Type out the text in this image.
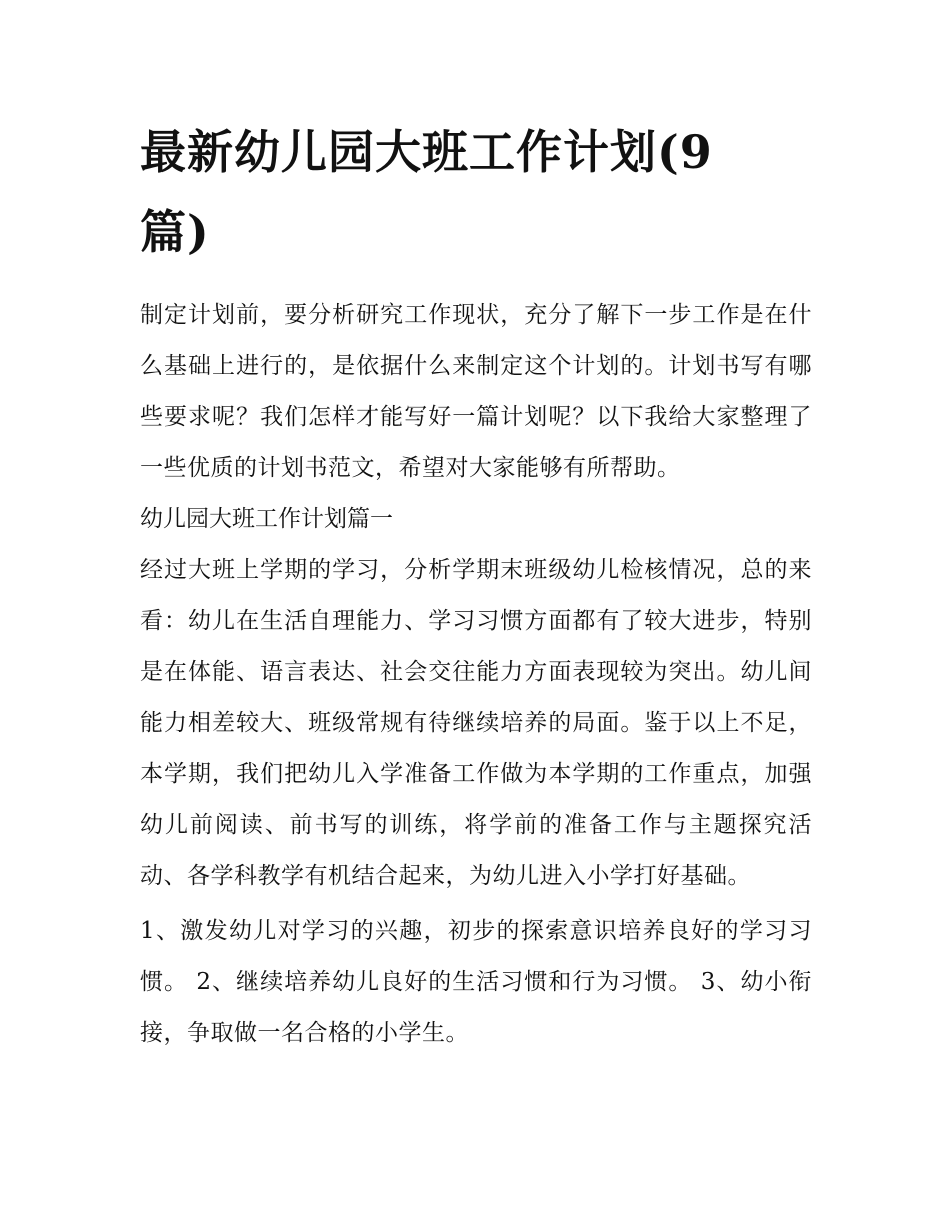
最新幼儿园大班工作计划(9篇)

制定计划前，要分析研究工作现状，充分了解下一步工作是在什么基础上进行的，是依据什么来制定这个计划的。计划书写有哪些要求呢？我们怎样才能写好一篇计划呢？以下我给大家整理了一些优质的计划书范文，希望对大家能够有所帮助。

幼儿园大班工作计划篇一

经过大班上学期的学习，分析学期末班级幼儿检核情况，总的来看：幼儿在生活自理能力、学习习惯方面都有了较大进步，特别是在体能、语言表达、社会交往能力方面表现较为突出。幼儿间能力相差较大、班级常规有待继续培养的局面。鉴于以上不足，本学期，我们把幼儿入学准备工作做为本学期的工作重点，加强幼儿前阅读、前书写的训练，将学前的准备工作与主题探究活动、各学科教学有机结合起来，为幼儿进入小学打好基础。

1、激发幼儿对学习的兴趣，初步的探索意识培养良好的学习习惯。 2、继续培养幼儿良好的生活习惯和行为习惯。 3、幼小衔接，争取做一名合格的小学生。
